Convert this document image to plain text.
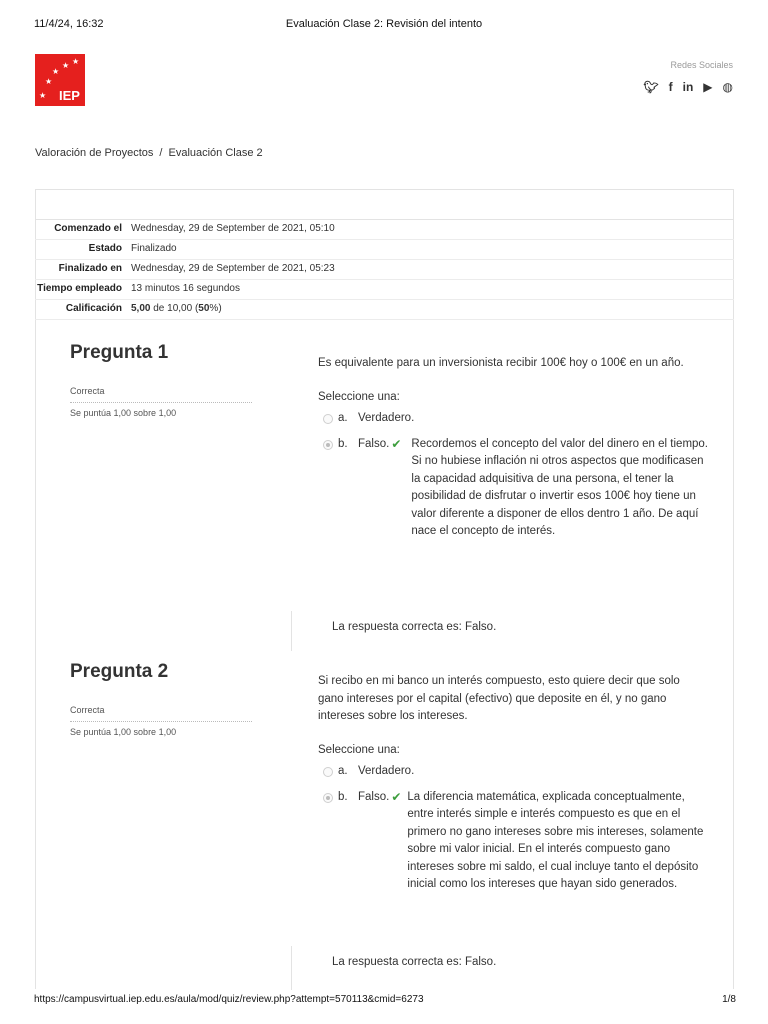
11/4/24, 16:32	Evaluación Clase 2: Revisión del intento
★
★
★
★
★ IEP
Redes Sociales
🐦︎ f in ▶ ◍
Valoración de Proyectos / Evaluación Clase 2
Comenzado el Wednesday, 29 de September de 2021, 05:10
Estado Finalizado
Finalizado en Wednesday, 29 de September de 2021, 05:23
Tiempo empleado 13 minutos 16 segundos
Calificación 5,00 de 10,00 (50%)
Pregunta 1
Correcta
Se puntúa 1,00 sobre 1,00
Es equivalente para un inversionista recibir 100€ hoy o 100€ en un año.
Seleccione una:
a. Verdadero.
b. Falso. ✔ Recordemos el concepto del valor del dinero en el tiempo. Si no hubiese inflación ni otros aspectos que modificasen la capacidad adquisitiva de una persona, el tener la posibilidad de disfrutar o invertir esos 100€ hoy tiene un valor diferente a disponer de ellos dentro 1 año. De aquí nace el concepto de interés.
La respuesta correcta es: Falso.
Pregunta 2
Correcta
Se puntúa 1,00 sobre 1,00
Si recibo en mi banco un interés compuesto, esto quiere decir que solo gano intereses por el capital (efectivo) que deposite en él, y no gano intereses sobre los intereses.
Seleccione una:
a. Verdadero.
b. Falso. ✔ La diferencia matemática, explicada conceptualmente, entre interés simple e interés compuesto es que en el primero no gano intereses sobre mis intereses, solamente sobre mi valor inicial. En el interés compuesto gano intereses sobre mi saldo, el cual incluye tanto el depósito inicial como los intereses que hayan sido generados.
La respuesta correcta es: Falso.
https://campusvirtual.iep.edu.es/aula/mod/quiz/review.php?attempt=570113&cmid=6273	1/8
